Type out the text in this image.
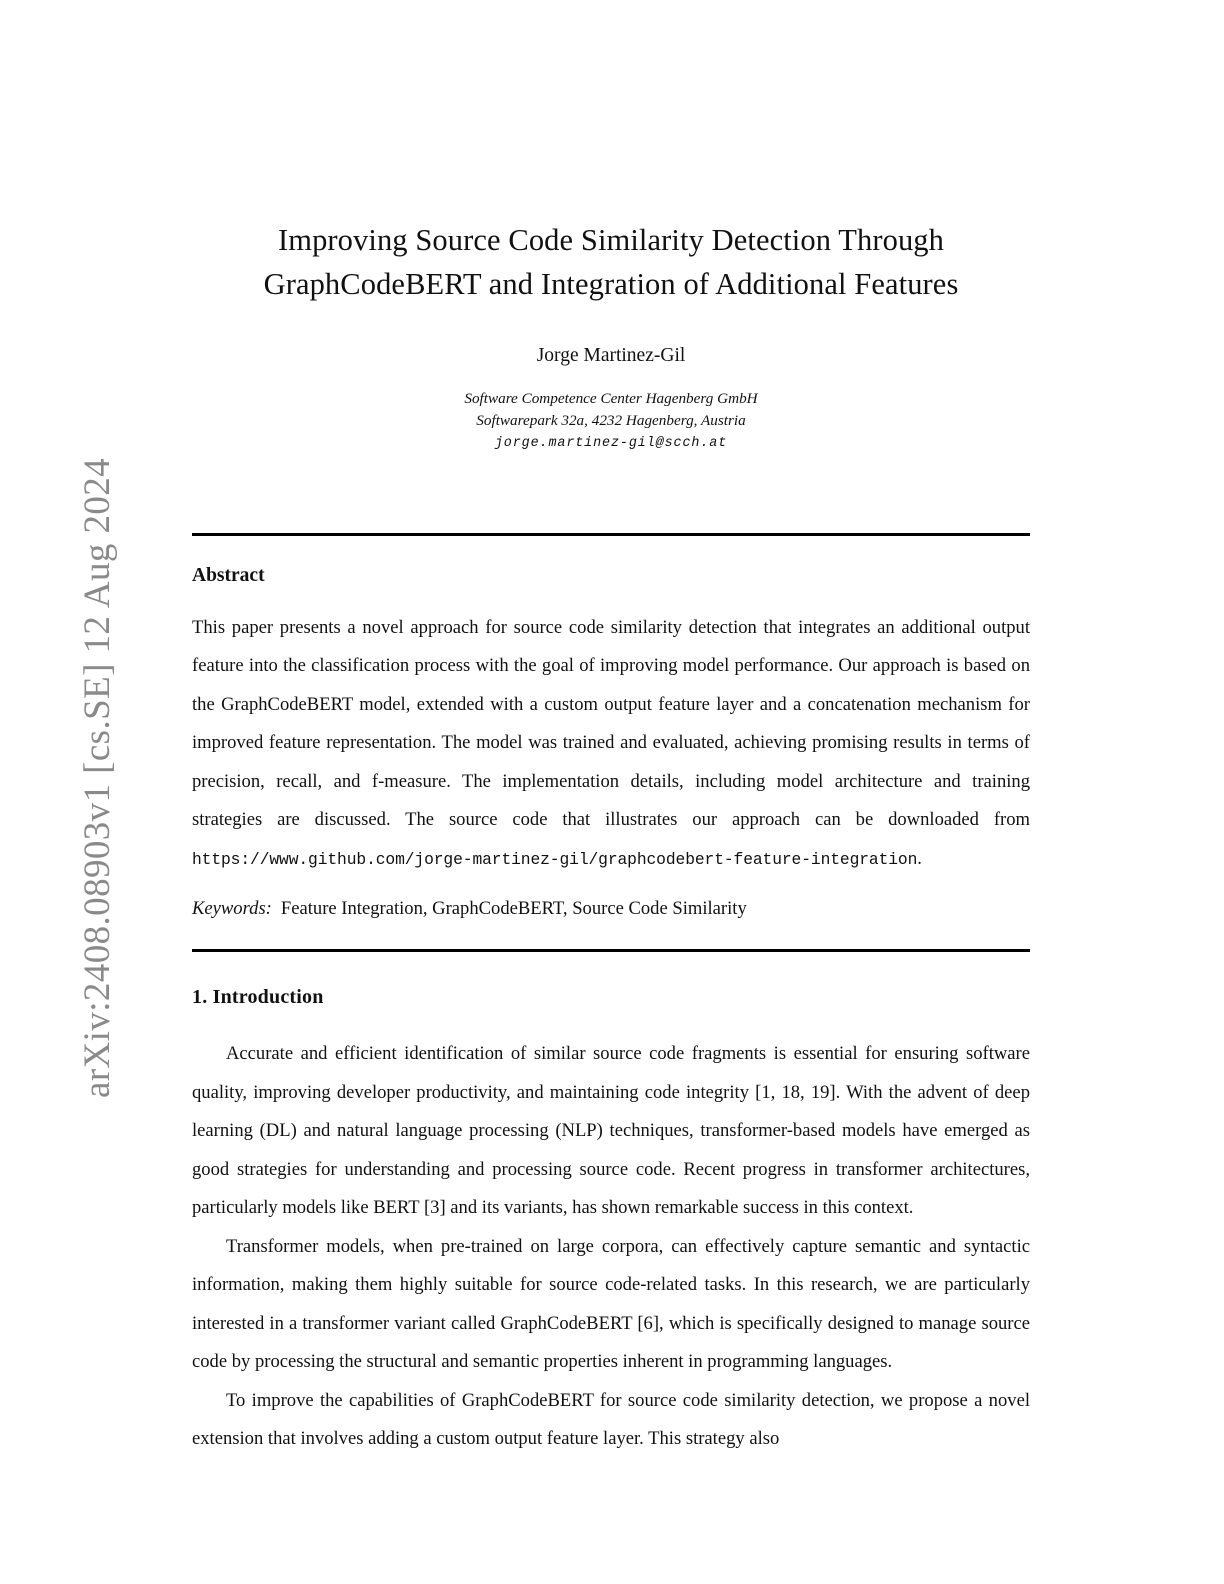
arXiv:2408.08903v1 [cs.SE] 12 Aug 2024
Improving Source Code Similarity Detection Through
GraphCodeBERT and Integration of Additional Features
Jorge Martinez-Gil
Software Competence Center Hagenberg GmbH
Softwarepark 32a, 4232 Hagenberg, Austria
jorge.martinez-gil@scch.at
Abstract

This paper presents a novel approach for source code similarity detection that integrates an additional output feature into the classification process with the goal of improving model performance. Our approach is based on the GraphCodeBERT model, extended with a custom output feature layer and a concatenation mechanism for improved feature representation. The model was trained and evaluated, achieving promising results in terms of precision, recall, and f-measure. The implementation details, including model architecture and training strategies are discussed. The source code that illustrates our approach can be downloaded from https://www.github.com/jorge-martinez-gil/graphcodebert-feature-integration.

Keywords: Feature Integration, GraphCodeBERT, Source Code Similarity
1. Introduction

Accurate and efficient identification of similar source code fragments is essential for ensuring software quality, improving developer productivity, and maintaining code integrity [1, 18, 19]. With the advent of deep learning (DL) and natural language processing (NLP) techniques, transformer-based models have emerged as good strategies for understanding and processing source code. Recent progress in transformer architectures, particularly models like BERT [3] and its variants, has shown remarkable success in this context.

Transformer models, when pre-trained on large corpora, can effectively capture semantic and syntactic information, making them highly suitable for source code-related tasks. In this research, we are particularly interested in a transformer variant called GraphCodeBERT [6], which is specifically designed to manage source code by processing the structural and semantic properties inherent in programming languages.

To improve the capabilities of GraphCodeBERT for source code similarity detection, we propose a novel extension that involves adding a custom output feature layer. This strategy also
